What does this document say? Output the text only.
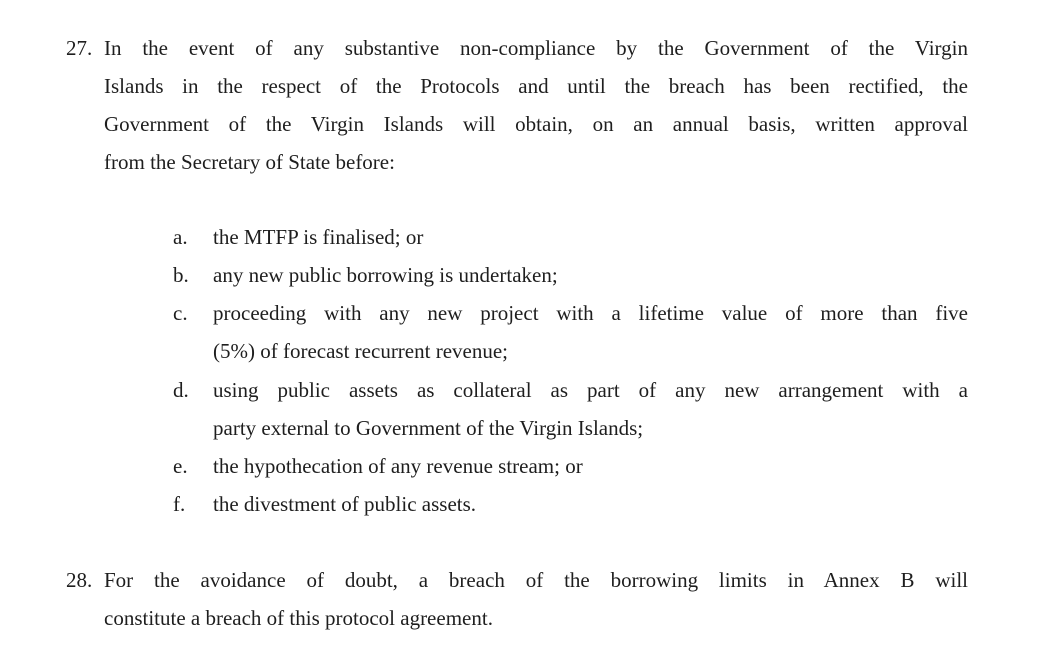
27. In the event of any substantive non-compliance by the Government of the Virgin
Islands in the respect of the Protocols and until the breach has been rectified, the
Government of the Virgin Islands will obtain, on an annual basis, written approval
from the Secretary of State before:
a. the MTFP is finalised; or
b. any new public borrowing is undertaken;
c. proceeding with any new project with a lifetime value of more than five
(5%) of forecast recurrent revenue;
d. using public assets as collateral as part of any new arrangement with a
party external to Government of the Virgin Islands;
e. the hypothecation of any revenue stream; or
f. the divestment of public assets.
28. For the avoidance of doubt, a breach of the borrowing limits in Annex B will
constitute a breach of this protocol agreement.
